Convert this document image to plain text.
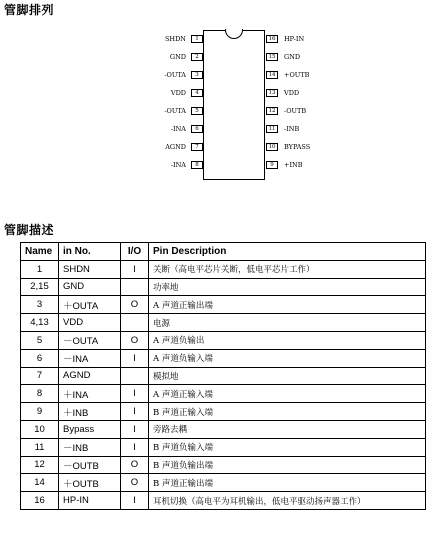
管脚排列
SHDN	1
GND	2
-OUTA	3
VDD	4
-OUTA	5
-INA	6
AGND	7
-INA	8
HP-IN
16
GND
15
+OUTB
14
VDD
13
-OUTB
12
-INB
11
BYPASS
10
+INB
9
管脚描述
Name	in No.	I/O	Pin Description
1	SHDN	I	关断（高电平芯片关断，低电平芯片工作）
2,15	GND		功率地
3	＋OUTA	O	A 声道正输出端
4,13	VDD		电源
5	－OUTA	O	A 声道负输出
6	－INA	I	A 声道负输入端
7	AGND		模拟地
8	＋INA	I	A 声道正输入端
9	＋INB	I	B 声道正输入端
10	Bypass	I	旁路去耦
11	－INB	I	B 声道负输入端
12	－OUTB	O	B 声道负输出端
14	＋OUTB	O	B 声道正输出端
16	HP-IN	I	耳机切换（高电平为耳机输出，低电平驱动扬声器工作）
